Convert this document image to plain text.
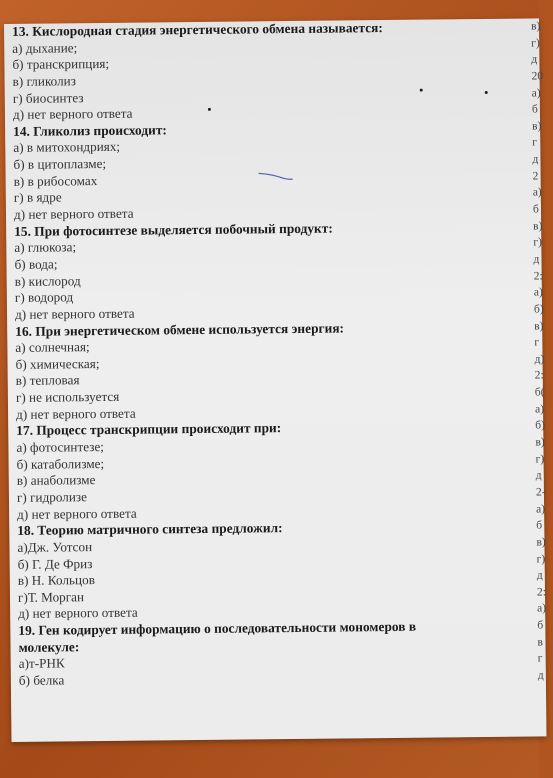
13. Кислородная стадия энергетического обмена называется:
а) дыхание;
б) транскрипция;
в) гликолиз
г) биосинтез
д) нет верного ответа
14. Гликолиз происходит:
а) в митохондриях;
б) в цитоплазме;
в) в рибосомах
г) в ядре
д) нет верного ответа
15. При фотосинтезе выделяется побочный продукт:
а) глюкоза;
б) вода;
в) кислород
г) водород
д) нет верного ответа
16. При энергетическом обмене используется энергия:
а) солнечная;
б) химическая;
в) тепловая
г) не используется
д) нет верного ответа
17. Процесс транскрипции происходит при:
а) фотосинтезе;
б) катаболизме;
в) анаболизме
г) гидролизе
д) нет верного ответа
18. Теорию матричного синтеза предложил:
а)Дж. Уотсон
б) Г. Де Фриз
в) Н. Кольцов
г)Т. Морган
д) нет верного ответа
19. Ген кодирует информацию о последовательности мономеров в
молекуле:
а)т-РНК
б) белка
в)
г)
д
20
а)
б
в)
г
д
2
а)
б
в)
г)
д
2:
а)
б)
в)
г
д)
2:
б(
а)
б)
в)
г)
д
2-
а)
б
в)
г)
д
2:
а)
б
в
г
д
